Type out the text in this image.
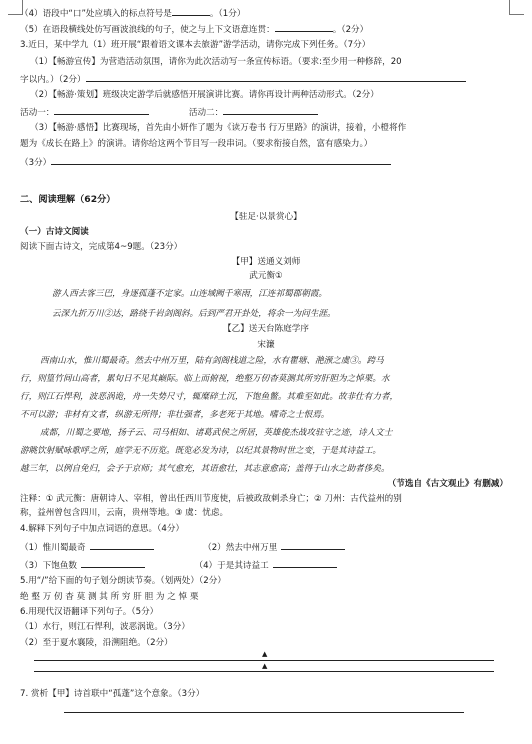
（4）语段中“口”处应填入的标点符号是	。（1分）
（5）在语段横线处仿写画波浪线的句子，使之与上下文语意连贯：	。（2分）
3.近日，某中学九（1）班开展“跟着语文课本去旅游”游学活动，请你完成下列任务。（7分）
（1）【畅游宣传】为营造活动氛围，请你为此次活动写一条宣传标语。（要求:至少用一种修辞，20
字以内。）（2分）
（2）【畅游·策划】班级决定游学后就感悟开展演讲比赛。请你再设计两种活动形式。（2分）
活动一：	活动二：
（3）【畅游·感悟】比赛现场，首先由小妍作了题为《读万卷书 行万里路》的演讲，接着，小橙将作
题为《成长在路上》的演讲。请你给这两个节目写一段串词。（要求衔接自然，富有感染力。）
（3分）
二、阅读理解（62分）
【驻足·以景赏心】
（一）古诗文阅读
阅读下面古诗文，完成第4~9题。（23分）
【甲】送通义刘师
武元衡①
游人西去客三巴，身逐孤蓬不定家。山连域阙千寒雨，江连祁蜀郡朝霞。
云深九折万川②达，路绕千岩剑阁斜。后到严君开卦处，将余一为问生涯。
【乙】送天台陈庭学序
宋濂
西南山水，惟川蜀最奇。然去中州万里，陆有剑阁栈道之险，水有瞿塘、滟滪之虞③。跨马
行，则篁竹间山高者，累旬日不见其巅际。临上而俯视，绝壑万仞杳莫测其所穷肝胆为之悼栗。水
行，则江石悍利，波恶涡诡，舟一失势尺寸，辄糜碎土沉，下饱鱼鳖。其难至如此。故非仕有力者，
不可以游；非材有文者，纵游无所得；非壮强者，多老死于其地。嗜奇之士恨焉。
成都，川蜀之要地，扬子云、司马相如、诸葛武侯之所居，英雄俊杰战攻驻守之迹，诗人文士
游眺饮射赋咏歌呼之所，庭学无不历览。既览必发为诗，以纪其景物时世之变，于是其诗益工。
越三年，以例自免归，会予于京师；其气愈充，其语愈壮，其志意愈高；盖得于山水之助者侈矣。
（节选自《古文观止》有删减）
注释：① 武元衡：唐朝诗人、宰相，曾出任西川节度使，后被政敌刺杀身亡；② 刀州：古代益州的别
称，益州曾包含四川，云南，贵州等地。③ 虞：忧虑。
4.解释下列句子中加点词语的意思。（4分）
（1）惟川蜀最奇	（2）然去中州万里
（3）下饱鱼数	（4）于是其诗益工
5.用“/”给下面的句子划分朗读节奏。（划两处）（2分）
绝 壑 万 仞 杳 莫 测 其 所 穷 肝 胆 为 之 悼 栗
6.用现代汉语翻译下列句子。（5分）
（1）水行，则江石悍利，波恶涡诡。（3分）
（2）至于夏水襄陵，沿溯阻绝。（2分）
▲
▲
7. 赏析【甲】诗首联中“孤蓬”这个意象。（3分）
